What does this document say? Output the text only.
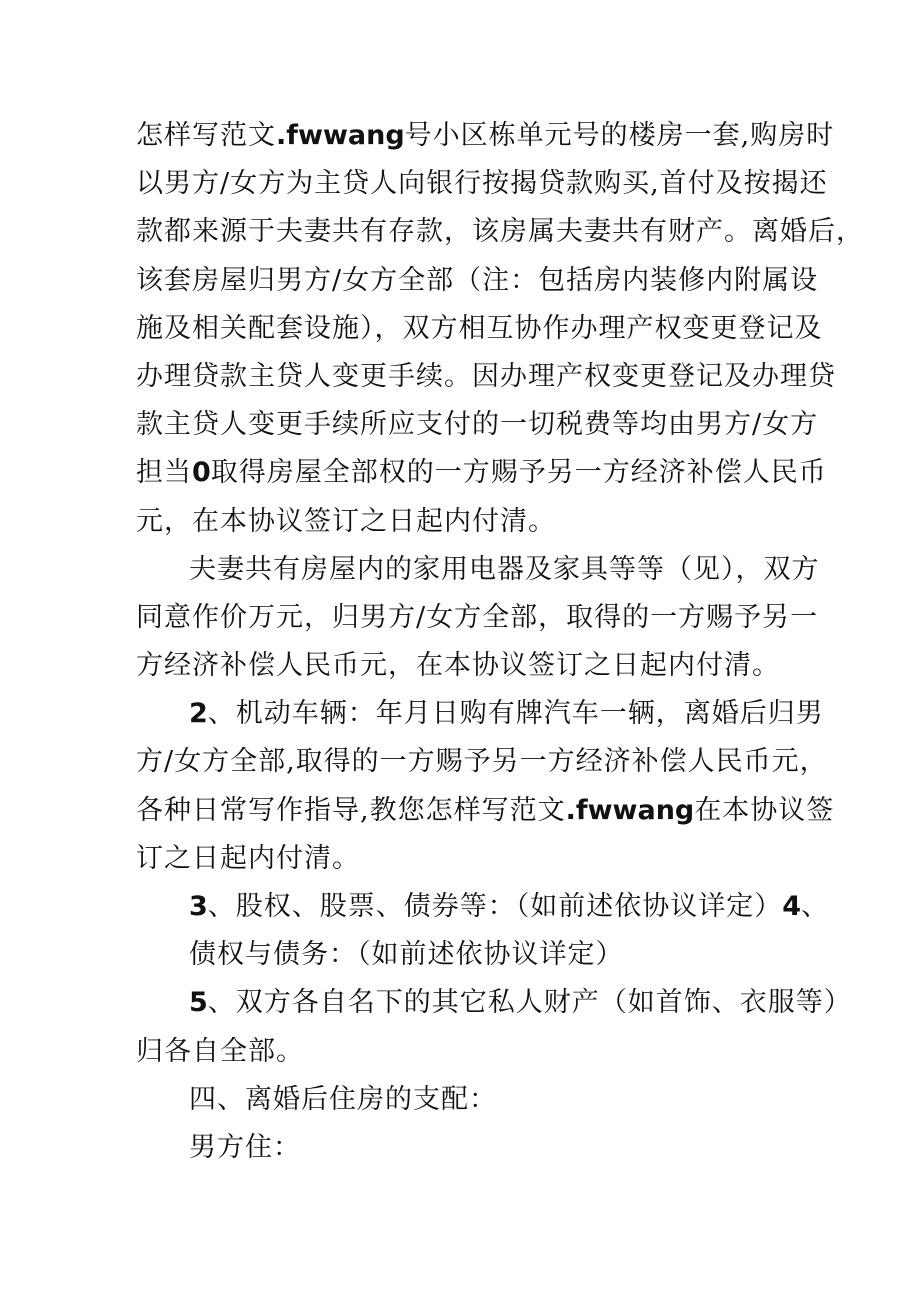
怎样写范文.fwwang号小区栋单元号的楼房一套,购房时
以男方/女方为主贷人向银行按揭贷款购买,首付及按揭还
款都来源于夫妻共有存款，该房属夫妻共有财产。离婚后，
该套房屋归男方/女方全部（注：包括房内装修内附属设
施及相关配套设施），双方相互协作办理产权变更登记及
办理贷款主贷人变更手续。因办理产权变更登记及办理贷
款主贷人变更手续所应支付的一切税费等均由男方/女方
担当0取得房屋全部权的一方赐予另一方经济补偿人民币
元，在本协议签订之日起内付清。
夫妻共有房屋内的家用电器及家具等等（见），双方
同意作价万元，归男方/女方全部，取得的一方赐予另一
方经济补偿人民币元，在本协议签订之日起内付清。
2、机动车辆：年月日购有牌汽车一辆，离婚后归男
方/女方全部,取得的一方赐予另一方经济补偿人民币元，
各种日常写作指导,教您怎样写范文.fwwang在本协议签
订之日起内付清。
3、股权、股票、债券等：（如前述依协议详定）4、
债权与债务：（如前述依协议详定）
5、双方各自名下的其它私人财产（如首饰、衣服等）
归各自全部。
四、离婚后住房的支配：
男方住：
